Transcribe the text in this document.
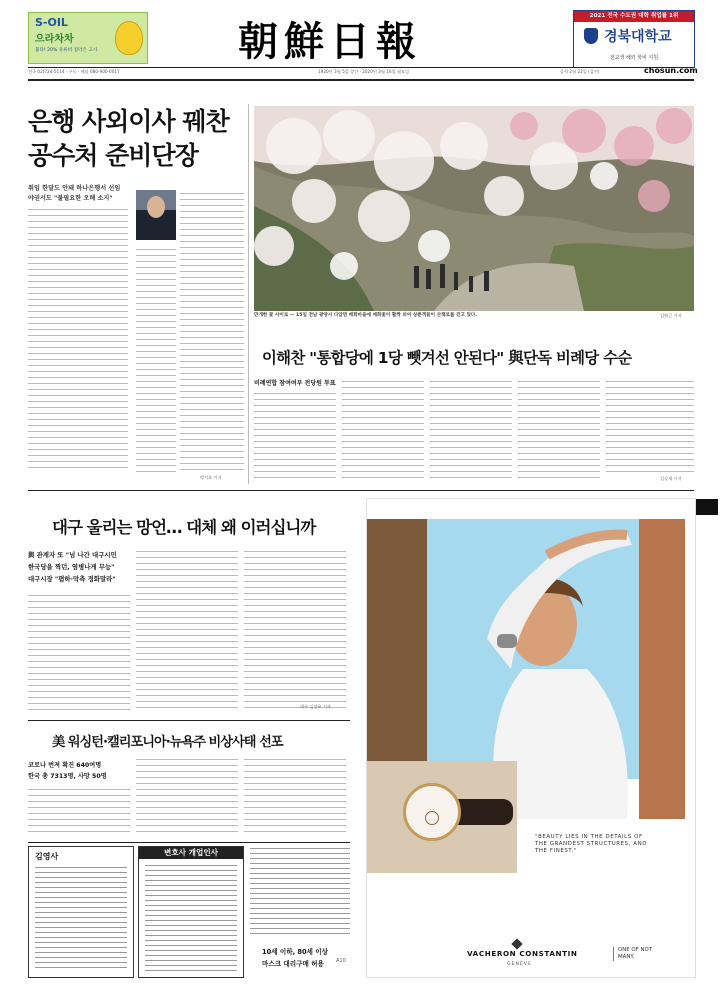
S-OIL
으라차차
불타! 20% 유류비 절약은 고사	朝鮮日報
2021 전국 수도권 대학 취업률 1위
경북대학교
전교생 해외 학비 지원
전국 02)724-5114 · 구독 · 배달 080-900-0017	1920년 3월 5일 창간 · 2020년 3월 16일 월요일	음력 2월 22일 (갑진)	chosun.com
은행 사외이사 꿰찬
공수처 준비단장
취임 한달도 안돼 하나은행서 선임
야권서도 "불필요한 오해 소지"
박지호 기자
만개한 꽃 사이로 — 15일 전남 광양시 다압면 매화마을에 매화꽃이 활짝 피어 상춘객들이 산책로를 걷고 있다.	김영근 기자
이해찬 "통합당에 1당 뺏겨선 안된다" 與단독 비례당 수순
비례연합 참여여부 전당원 투표
김승재 기자
대구 울리는 망언… 대체 왜 이러십니까
與 관계자 또 "넘 나간 대구시민
한국당을 찍던, 염병나게 무능"
대구시장 "폄하·막측 정화말라"
대구 김성윤 기자
美 워싱턴·캘리포니아·뉴욕주 비상사태 선포
코로나 번져 확진 640여명
한국 총 7313명, 사망 50명
김영사	변호사 개업인사
10세 이하, 80세 이상
마스크 대리구매 허용 A10
"BEAUTY LIES IN THE DETAILS OF THE GRANDEST STRUCTURES, AND THE FINEST."
VACHERON CONSTANTIN
GENÈVE
ONE OF NOT MANY.
